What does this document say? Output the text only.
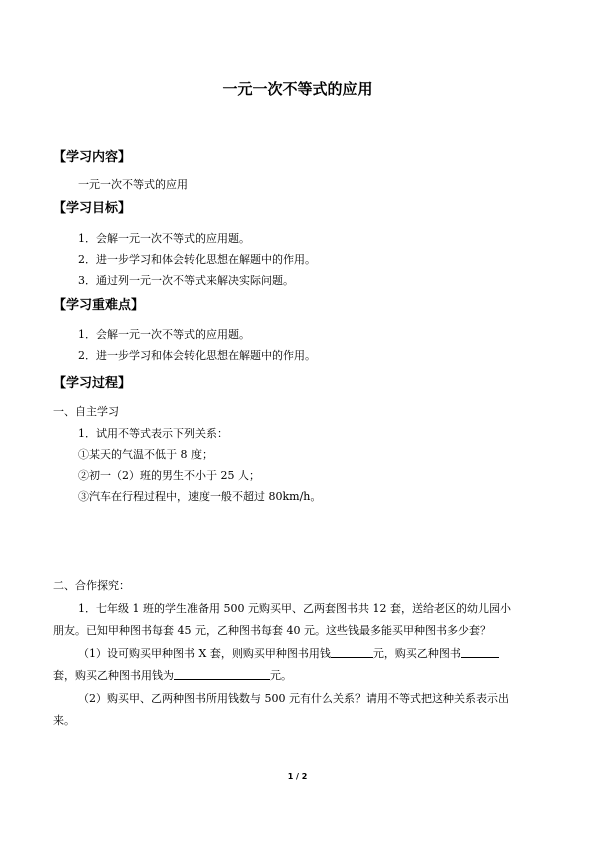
一元一次不等式的应用
【学习内容】
一元一次不等式的应用
【学习目标】
1．会解一元一次不等式的应用题。
2．进一步学习和体会转化思想在解题中的作用。
3．通过列一元一次不等式来解决实际问题。
【学习重难点】
1．会解一元一次不等式的应用题。
2．进一步学习和体会转化思想在解题中的作用。
【学习过程】
一、自主学习
1．试用不等式表示下列关系：
①某天的气温不低于 8 度；
②初一（2）班的男生不小于 25 人；
③汽车在行程过程中，速度一般不超过 80km/h。
二、合作探究：
1．七年级 1 班的学生准备用 500 元购买甲、乙两套图书共 12 套，送给老区的幼儿园小
朋友。已知甲种图书每套 45 元，乙种图书每套 40 元。这些钱最多能买甲种图书多少套？
（1）设可购买甲种图书 X 套，则购买甲种图书用钱	元，购买乙种图书
套，购买乙种图书用钱为	元。
（2）购买甲、乙两种图书所用钱数与 500 元有什么关系？请用不等式把这种关系表示出
来。
1 / 2
